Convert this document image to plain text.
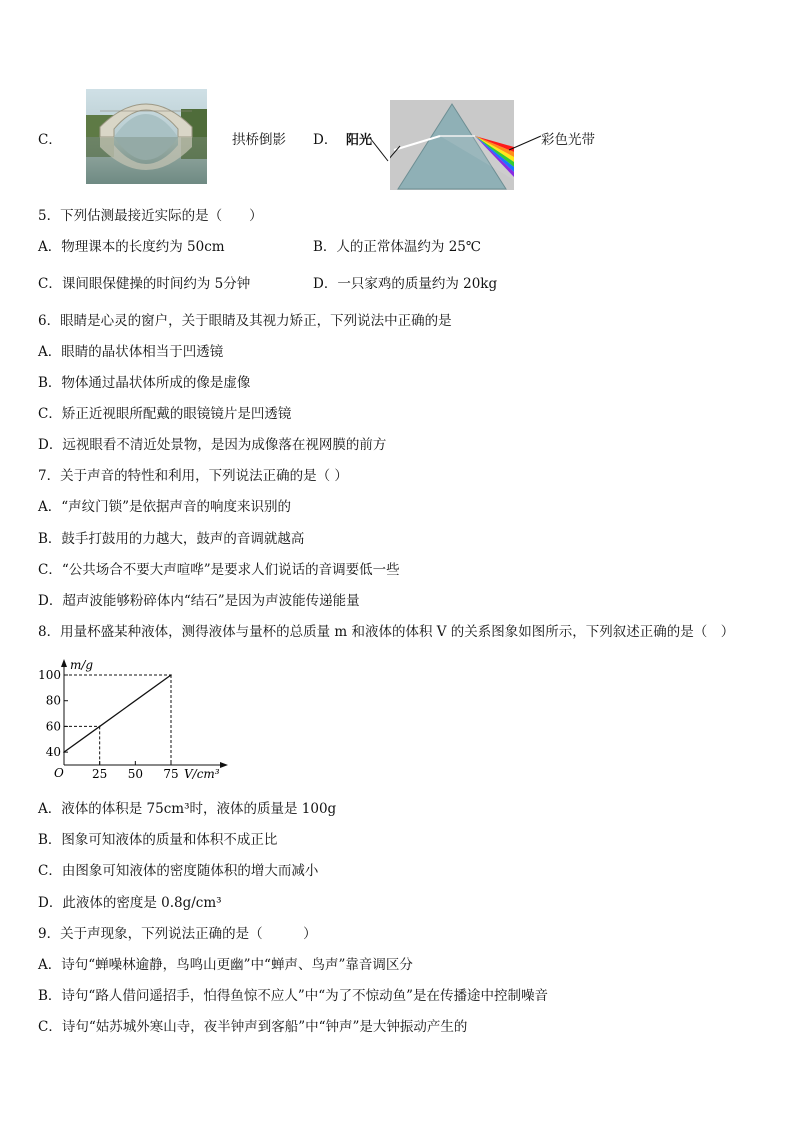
C．	拱桥倒影 D． 阳光	彩色光带
5．下列估测最接近实际的是（　　）
A．物理课本的长度约为 50cm	B．人的正常体温约为 25℃
C．课间眼保健操的时间约为 5分钟	D．一只家鸡的质量约为 20kg
6．眼睛是心灵的窗户，关于眼睛及其视力矫正，下列说法中正确的是
A．眼睛的晶状体相当于凹透镜
B．物体通过晶状体所成的像是虚像
C．矫正近视眼所配戴的眼镜镜片是凹透镜
D．远视眼看不清近处景物，是因为成像落在视网膜的前方
7．关于声音的特性和利用，下列说法正确的是（ ）
A．“声纹门锁”是依据声音的响度来识别的
B．鼓手打鼓用的力越大，鼓声的音调就越高
C．“公共场合不要大声喧哗”是要求人们说话的音调要低一些
D．超声波能够粉碎体内“结石”是因为声波能传递能量
8．用量杯盛某种液体，测得液体与量杯的总质量 m 和液体的体积 V 的关系图象如图所示，下列叙述正确的是（　）
m/g
V/cm³
O
40
60
80
100
25 50 75
A．液体的体积是 75cm³时，液体的质量是 100g
B．图象可知液体的质量和体积不成正比
C．由图象可知液体的密度随体积的增大而减小
D．此液体的密度是 0.8g/cm³
9．关于声现象，下列说法正确的是（　　　）
A．诗句“蝉噪林逾静，鸟鸣山更幽”中“蝉声、鸟声”靠音调区分
B．诗句“路人借问遥招手，怕得鱼惊不应人”中“为了不惊动鱼”是在传播途中控制噪音
C．诗句“姑苏城外寒山寺，夜半钟声到客船”中“钟声”是大钟振动产生的
